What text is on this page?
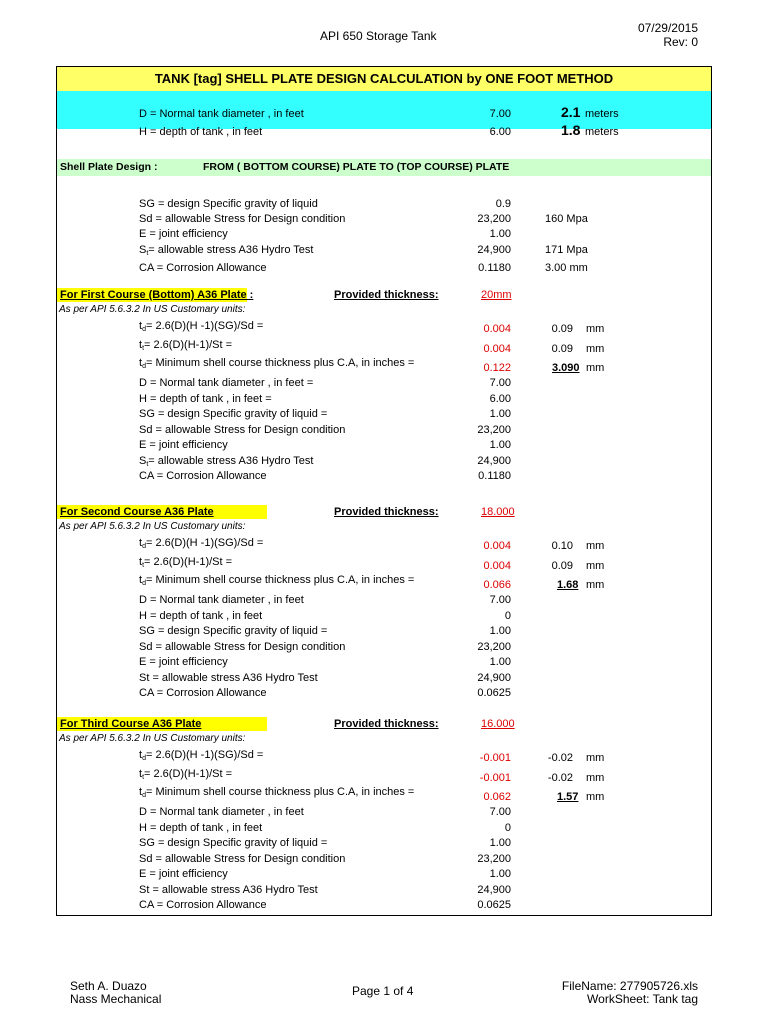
API 650 Storage Tank
07/29/2015
Rev: 0
TANK [tag] SHELL PLATE DESIGN CALCULATION by ONE FOOT METHOD
D = Normal tank diameter , in feet	7.00	2.1 meters
H = depth of tank , in feet	6.00	1.8 meters
Shell Plate Design :	FROM ( BOTTOM COURSE) PLATE TO (TOP COURSE) PLATE
SG = design Specific gravity of liquid	0.9
Sd = allowable Stress for Design condition	23,200	160 Mpa
E = joint efficiency	1.00
$S_t=$ allowable stress A36 Hydro Test	24,900	171 Mpa
CA = Corrosion Allowance	0.1180	3.00 mm
For First Course (Bottom) A36 Plate :	Provided thickness:	20mm
As per API 5.6.3.2 In US Customary units:
$t_d= 2.6(D)(H$ -1)(SG)/Sd =	0.004	0.09 mm
$t_t= 2.6(D)(H-1)/St$ =	0.004	0.09 mm
$t_d=$ Minimum shell course thickness plus C.A, in inches =	0.122	3.090 mm
D = Normal tank diameter , in feet =	7.00
H = depth of tank , in feet =	6.00
SG = design Specific gravity of liquid =	1.00
Sd = allowable Stress for Design condition	23,200
E = joint efficiency	1.00
$S_t=$ allowable stress A36 Hydro Test	24,900
CA = Corrosion Allowance	0.1180
For Second Course A36 Plate	Provided thickness:	18.000
As per API 5.6.3.2 In US Customary units:
$t_d= 2.6(D)(H$ -1)(SG)/Sd =	0.004	0.10 mm
$t_t= 2.6(D)(H-1)/St$ =	0.004	0.09 mm
$t_d=$ Minimum shell course thickness plus C.A, in inches =	0.066	1.68 mm
D = Normal tank diameter , in feet	7.00
H = depth of tank , in feet	0
SG = design Specific gravity of liquid =	1.00
Sd = allowable Stress for Design condition	23,200
E = joint efficiency	1.00
St = allowable stress A36 Hydro Test	24,900
CA = Corrosion Allowance	0.0625
For Third Course A36 Plate	Provided thickness:	16.000
As per API 5.6.3.2 In US Customary units:
$t_d= 2.6(D)(H$ -1)(SG)/Sd =	-0.001	-0.02 mm
$t_t= 2.6(D)(H-1)/St$ =	-0.001	-0.02 mm
$t_d=$ Minimum shell course thickness plus C.A, in inches =	0.062	1.57 mm
D = Normal tank diameter , in feet	7.00
H = depth of tank , in feet	0
SG = design Specific gravity of liquid =	1.00
Sd = allowable Stress for Design condition	23,200
E = joint efficiency	1.00
St = allowable stress A36 Hydro Test	24,900
CA = Corrosion Allowance	0.0625
Seth A. Duazo
Nass Mechanical
Page 1 of 4	FileName: 277905726.xls
WorkSheet: Tank tag
